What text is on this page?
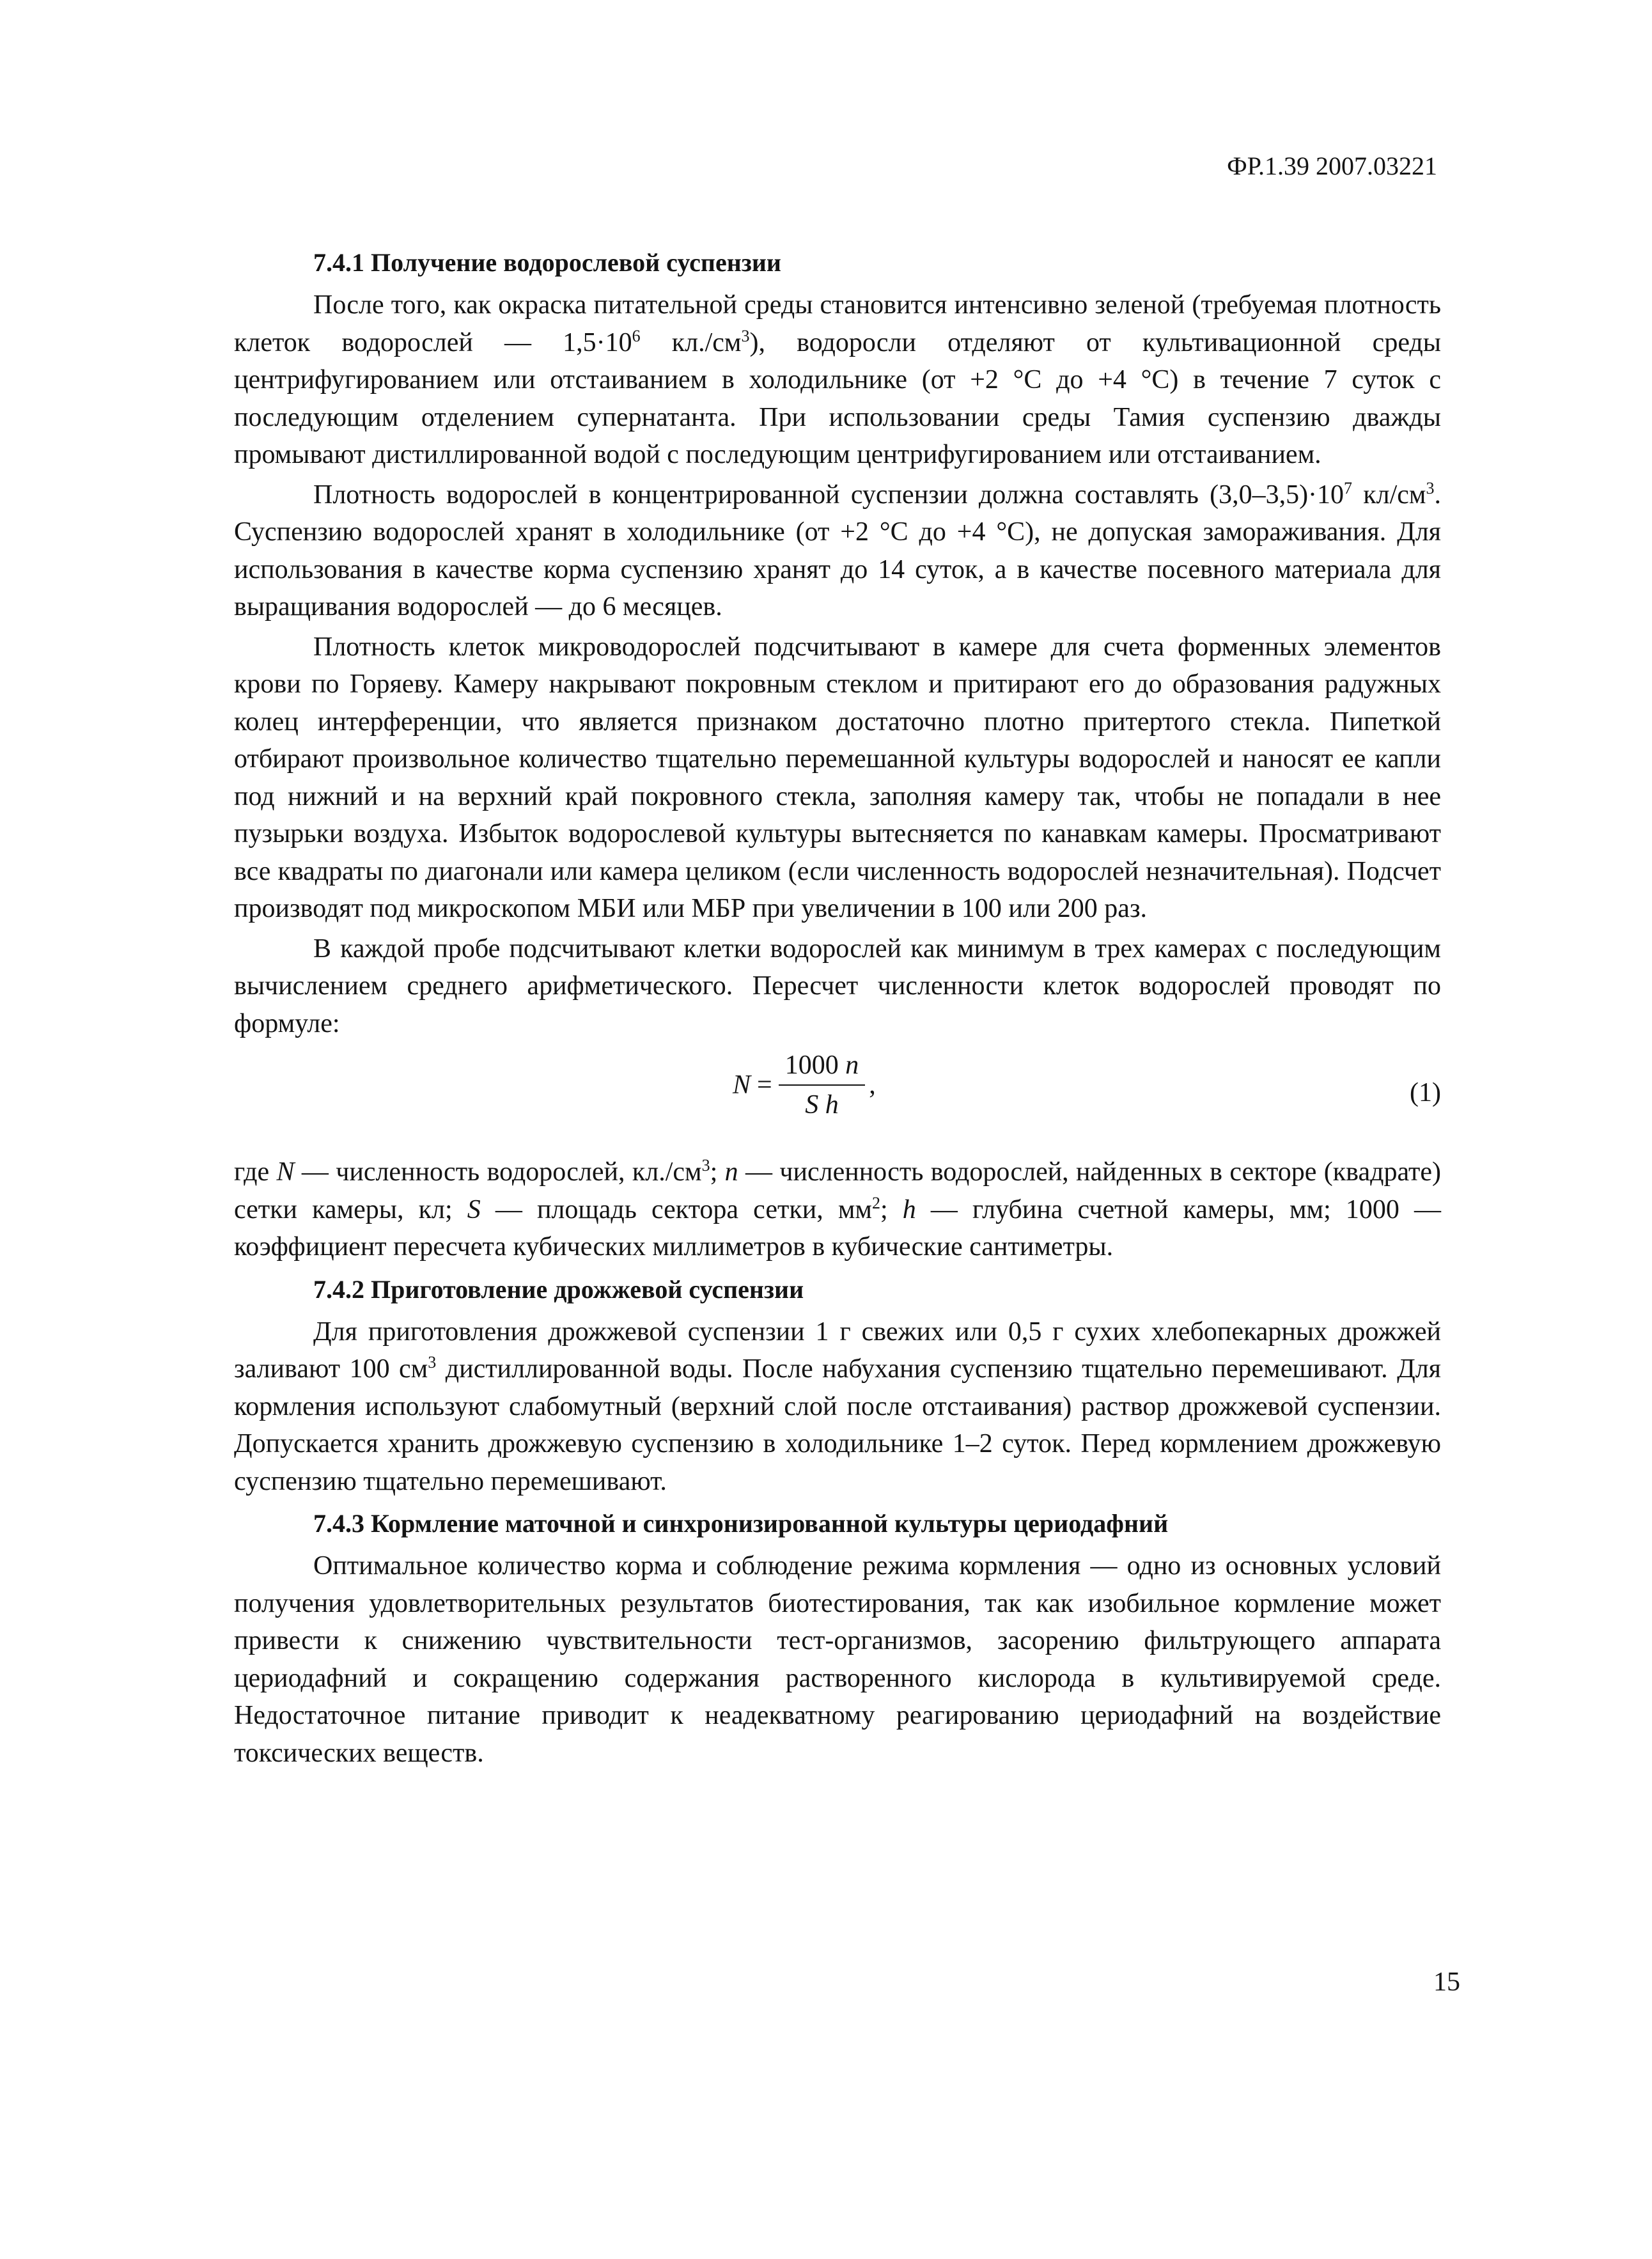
ФР.1.39 2007.03221
7.4.1 Получение водорослевой суспензии

После того, как окраска питательной среды становится интенсивно зеленой (требуемая плотность клеток водорослей — $1,5\cdot 10^6$ $кл./см^3$), водоросли отделяют от культивационной среды центрифугированием или отстаиванием в холодильнике (от +2 °С до +4 °С) в течение 7 суток с последующим отделением супернатанта. При использовании среды Тамия суспензию дважды промывают дистиллированной водой с последующим центрифугированием или отстаиванием.

Плотность водорослей в концентрированной суспензии должна составлять $(3,0-3,5)\cdot 10^7$ $кл/см^3$. Суспензию водорослей хранят в холодильнике (от +2 °С до +4 °С), не допуская замораживания. Для использования в качестве корма суспензию хранят до 14 суток, а в качестве посевного материала для выращивания водорослей — до 6 месяцев.

Плотность клеток микроводорослей подсчитывают в камере для счета форменных элементов крови по Горяеву. Камеру накрывают покровным стеклом и притирают его до образования радужных колец интерференции, что является признаком достаточно плотно притертого стекла. Пипеткой отбирают произвольное количество тщательно перемешанной культуры водорослей и наносят ее капли под нижний и на верхний край покровного стекла, заполняя камеру так, чтобы не попадали в нее пузырьки воздуха. Избыток водорослевой культуры вытесняется по канавкам камеры. Просматривают все квадраты по диагонали или камера целиком (если численность водорослей незначительная). Подсчет производят под микроскопом МБИ или МБР при увеличении в 100 или 200 раз.

В каждой пробе подсчитывают клетки водорослей как минимум в трех камерах с последующим вычислением среднего арифметического. Пересчет численности клеток водорослей проводят по формуле:

$N = \frac{1000 n}{\text{S h}}$ ,	(1)

где N — численность водорослей, $кл./см^3$; n — численность водорослей, найденных в секторе (квадрате) сетки камеры, кл; S — площадь сектора сетки, $мм^2$; h — глубина счетной камеры, мм; 1000 — коэффициент пересчета кубических миллиметров в кубические сантиметры.

7.4.2 Приготовление дрожжевой суспензии

Для приготовления дрожжевой суспензии 1 г свежих или 0,5 г сухих хлебопекарных дрожжей заливают 100 $см^3$ дистиллированной воды. После набухания суспензию тщательно перемешивают. Для кормления используют слабомутный (верхний слой после отстаивания) раствор дрожжевой суспензии. Допускается хранить дрожжевую суспензию в холодильнике 1–2 суток. Перед кормлением дрожжевую суспензию тщательно перемешивают.

7.4.3 Кормление маточной и синхронизированной культуры цериодафний

Оптимальное количество корма и соблюдение режима кормления — одно из основных условий получения удовлетворительных результатов биотестирования, так как изобильное кормление может привести к снижению чувствительности тест-организмов, засорению фильтрующего аппарата цериодафний и сокращению содержания растворенного кислорода в культивируемой среде. Недостаточное питание приводит к неадекватному реагированию цериодафний на воздействие токсических веществ.

15
